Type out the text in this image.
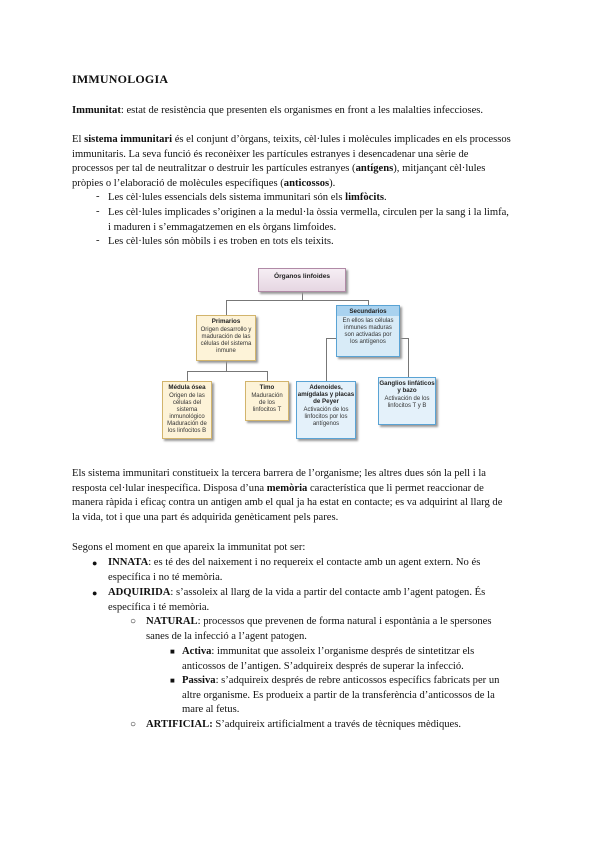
IMMUNOLOGIA
Immunitat: estat de resistència que presenten els organismes en front a les malalties infeccioses.
El sistema immunitari és el conjunt d’òrgans, teixits, cèl·lules i molècules implicades en els processos immunitaris. La seva funció és reconèixer les partícules estranyes i desencadenar una sèrie de processos per tal de neutralitzar o destruir les partícules estranyes (antígens), mitjançant cèl·lules pròpies o l’elaboració de molècules específiques (anticossos).
- Les cèl·lules essencials dels sistema immunitari són els limfòcits.
- Les cèl·lules implicades s’originen a la medul·la òssia vermella, circulen per la sang i la limfa, i maduren i s’emmagatzemen en els òrgans limfoides.
- Les cèl·lules són mòbils i es troben en tots els teixits.
Órganos linfoides
Primarios
Origen desarrollo y maduración de las células del sistema inmune
Secundarios
En ellos las células inmunes maduras son activadas por los antígenos
Médula ósea
Origen de las células del sistema inmunológico Maduración de los linfocitos B
Timo
Maduración de los linfocitos T
Adenoides, amígdalas y placas de Peyer
Activación de los linfocitos por los antígenos
Ganglios linfáticos y bazo
Activación de los linfocitos T y B
Els sistema immunitari constitueix la tercera barrera de l’organisme; les altres dues són la pell i la resposta cel·lular inespecífica. Disposa d’una memòria característica que li permet reaccionar de manera ràpida i eficaç contra un antigen amb el qual ja ha estat en contacte; es va adquirint al llarg de la vida, tot i que una part és adquirida genèticament pels pares.
Segons el moment en que apareix la immunitat pot ser:
● INNATA: es té des del naixement i no requereix el contacte amb un agent extern. No és específica i no té memòria.
● ADQUIRIDA: s’assoleix al llarg de la vida a partir del contacte amb l’agent patogen. És específica i té memòria.
○ NATURAL: processos que prevenen de forma natural i espontània a le spersones sanes de la infecció a l’agent patogen.
■ Activa: immunitat que assoleix l’organisme després de sintetitzar els anticossos de l’antigen. S’adquireix després de superar la infecció.
■ Passiva: s’adquireix després de rebre anticossos específics fabricats per un altre organisme. Es produeix a partir de la transferència d’anticossos de la mare al fetus.
○ ARTIFICIAL: S’adquireix artificialment a través de tècniques mèdiques.
